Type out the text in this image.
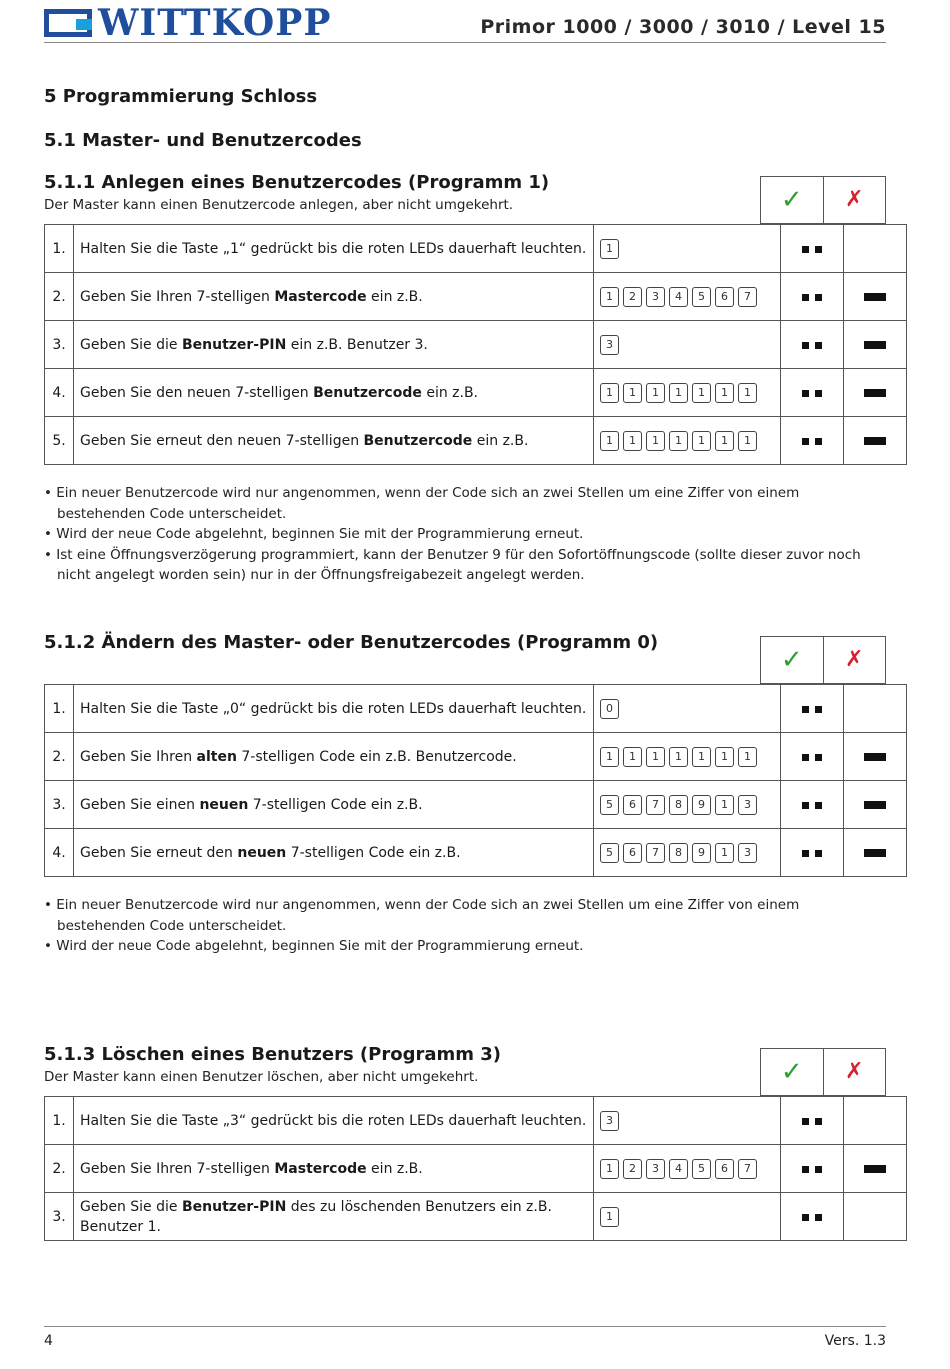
WITTKOPP	Primor 1000 / 3000 / 3010 / Level 15
5 Programmierung Schloss
5.1 Master- und Benutzercodes
5.1.1 Anlegen eines Benutzercodes (Programm 1)
Der Master kann einen Benutzercode anlegen, aber nicht umgekehrt.	✓ ✗
1.	Halten Sie die Taste „1“ gedrückt bis die roten LEDs dauerhaft leuchten.	1	

2.	Geben Sie Ihren 7-stelligen Mastercode ein z.B.	1 2 3 4 5 6 7	

3.	Geben Sie die Benutzer-PIN ein z.B. Benutzer 3.	3	

4.	Geben Sie den neuen 7-stelligen Benutzercode ein z.B.	1 1 1 1 1 1 1	

5.	Geben Sie erneut den neuen 7-stelligen Benutzercode ein z.B.	1 1 1 1 1 1 1	

• Ein neuer Benutzercode wird nur angenommen, wenn der Code sich an zwei Stellen um eine Ziffer von einem bestehenden Code unterscheidet.
• Wird der neue Code abgelehnt, beginnen Sie mit der Programmierung erneut.
• Ist eine Öffnungsverzögerung programmiert, kann der Benutzer 9 für den Sofortöffnungscode (sollte dieser zuvor noch nicht angelegt worden sein) nur in der Öffnungsfreigabezeit angelegt werden.
5.1.2 Ändern des Master- oder Benutzercodes (Programm 0)
✓ ✗
1.	Halten Sie die Taste „0“ gedrückt bis die roten LEDs dauerhaft leuchten.	0	

2.	Geben Sie Ihren alten 7-stelligen Code ein z.B. Benutzercode.	1 1 1 1 1 1 1	

3.	Geben Sie einen neuen 7-stelligen Code ein z.B.	5 6 7 8 9 1 3	

4.	Geben Sie erneut den neuen 7-stelligen Code ein z.B.	5 6 7 8 9 1 3	

• Ein neuer Benutzercode wird nur angenommen, wenn der Code sich an zwei Stellen um eine Ziffer von einem bestehenden Code unterscheidet.
• Wird der neue Code abgelehnt, beginnen Sie mit der Programmierung erneut.
5.1.3 Löschen eines Benutzers (Programm 3)
Der Master kann einen Benutzer löschen, aber nicht umgekehrt.	✓ ✗
1.	Halten Sie die Taste „3“ gedrückt bis die roten LEDs dauerhaft leuchten.	3	

2.	Geben Sie Ihren 7-stelligen Mastercode ein z.B.	1 2 3 4 5 6 7	

3.	Geben Sie die Benutzer-PIN des zu löschenden Benutzers ein z.B. Benutzer 1.	1	

4	Vers. 1.3
